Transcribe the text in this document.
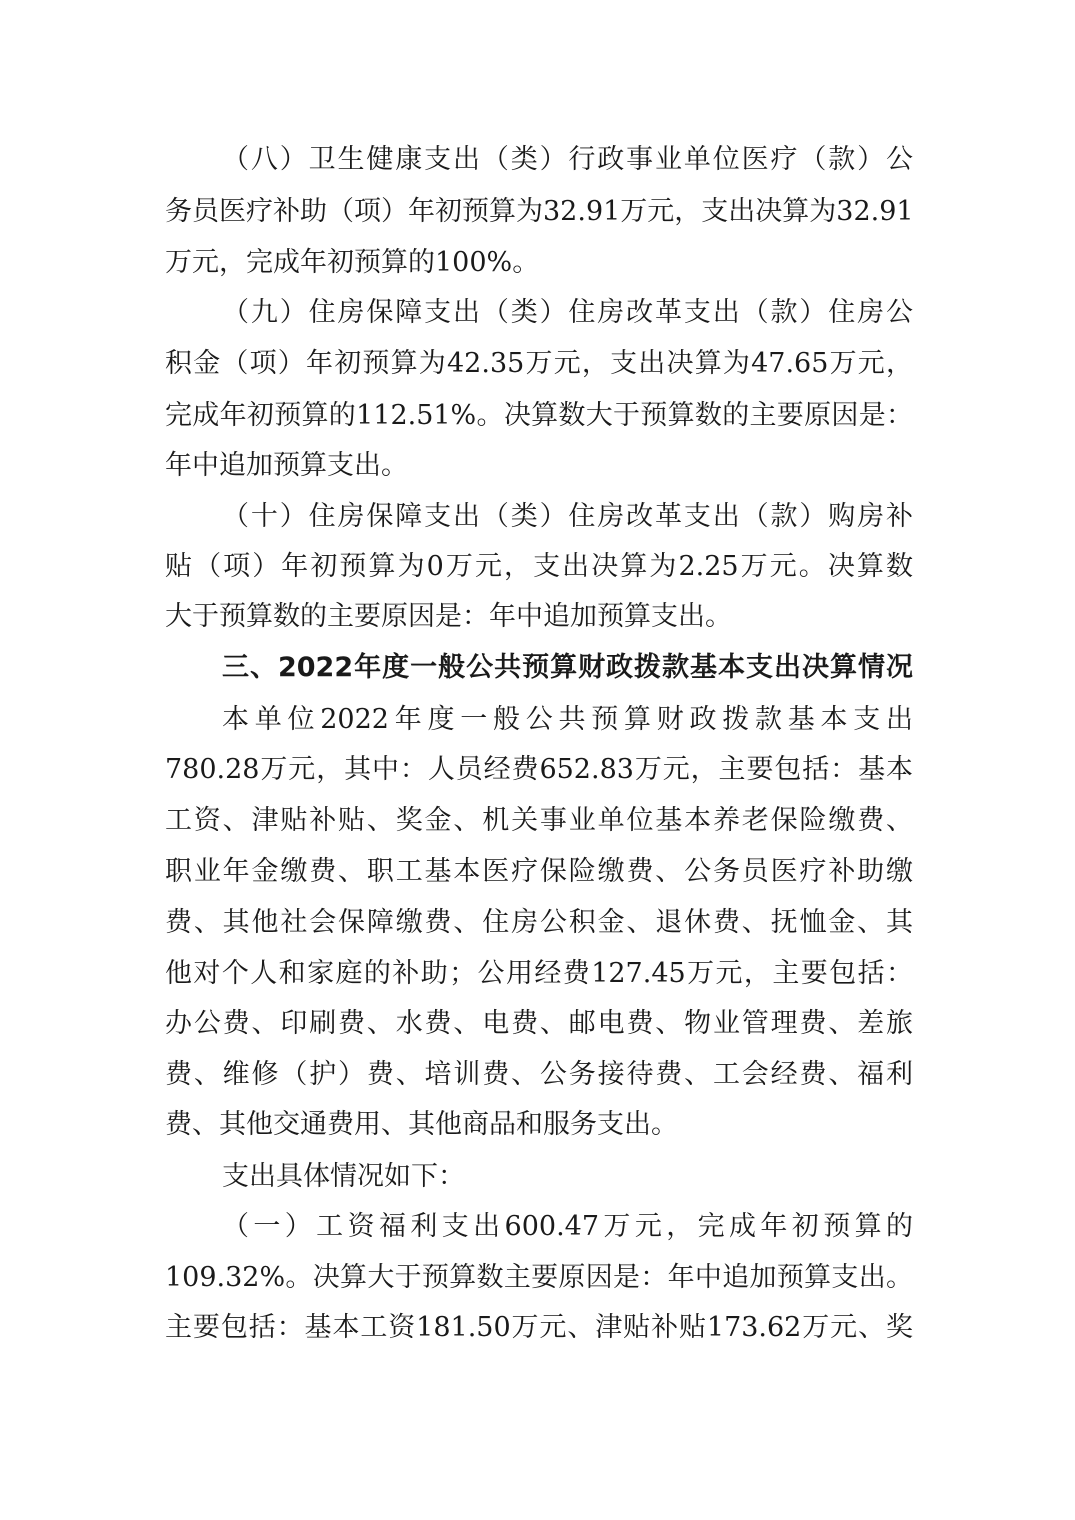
（八）卫生健康支出（类）行政事业单位医疗（款）公
务员医疗补助（项）年初预算为32.91万元，支出决算为32.91
万元，完成年初预算的100%。
（九）住房保障支出（类）住房改革支出（款）住房公
积金（项）年初预算为42.35万元，支出决算为47.65万元，
完成年初预算的112.51%。决算数大于预算数的主要原因是：
年中追加预算支出。
（十）住房保障支出（类）住房改革支出（款）购房补
贴（项）年初预算为0万元，支出决算为2.25万元。决算数
大于预算数的主要原因是：年中追加预算支出。
三、2022年度一般公共预算财政拨款基本支出决算情况
本单位2022年度一般公共预算财政拨款基本支出
780.28万元，其中：人员经费652.83万元，主要包括：基本
工资、津贴补贴、奖金、机关事业单位基本养老保险缴费、
职业年金缴费、职工基本医疗保险缴费、公务员医疗补助缴
费、其他社会保障缴费、住房公积金、退休费、抚恤金、其
他对个人和家庭的补助；公用经费127.45万元，主要包括：
办公费、印刷费、水费、电费、邮电费、物业管理费、差旅
费、维修（护）费、培训费、公务接待费、工会经费、福利
费、其他交通费用、其他商品和服务支出。
支出具体情况如下：
（一）工资福利支出600.47万元，完成年初预算的
109.32%。决算大于预算数主要原因是：年中追加预算支出。
主要包括：基本工资181.50万元、津贴补贴173.62万元、奖
